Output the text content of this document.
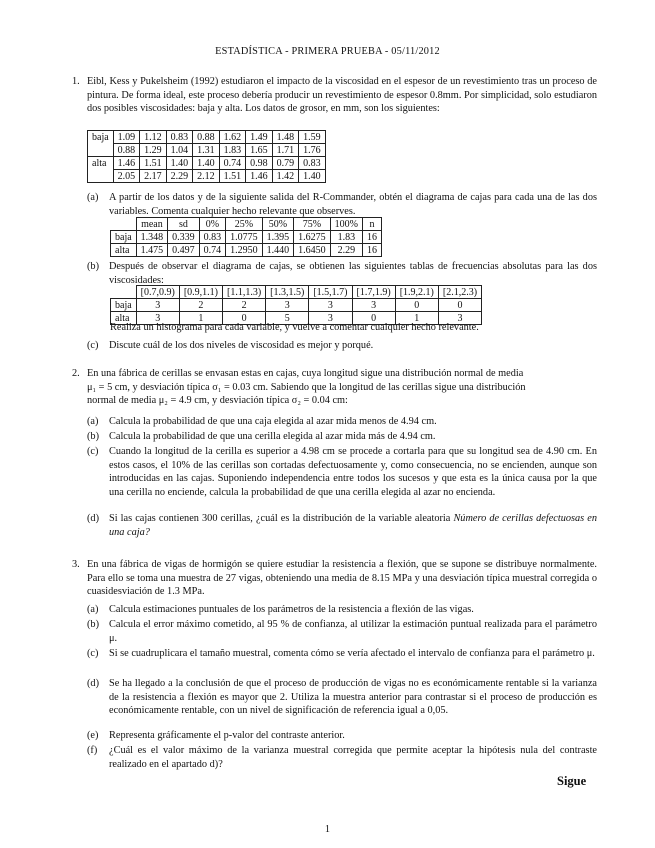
ESTADÍSTICA - PRIMERA PRUEBA - 05/11/2012
1. Eibl, Kess y Pukelsheim (1992) estudiaron el impacto de la viscosidad en el espesor de un revestimiento tras un proceso de pintura. De forma ideal, este proceso debería producir un revestimiento de espesor 0.8mm. Por simplicidad, solo estudiaron dos posibles viscosidades: baja y alta. Los datos de grosor, en mm, son los siguientes:
baja	1.09	1.12	0.83	0.88	1.62	1.49	1.48	1.59
	0.88	1.29	1.04	1.31	1.83	1.65	1.71	1.76
alta	1.46	1.51	1.40	1.40	0.74	0.98	0.79	0.83
	2.05	2.17	2.29	2.12	1.51	1.46	1.42	1.40
(a) A partir de los datos y de la siguiente salida del R-Commander, obtén el diagrama de cajas para cada una de las dos variables. Comenta cualquier hecho relevante que observes.
	mean	sd	0%	25%	50%	75%	100%	n
baja	1.348	0.339	0.83	1.0775	1.395	1.6275	1.83	16
alta	1.475	0.497	0.74	1.2950	1.440	1.6450	2.29	16
(b) Después de observar el diagrama de cajas, se obtienen las siguientes tablas de frecuencias absolutas para las dos viscosidades:
	[0.7,0.9)	[0.9,1.1)	[1.1,1.3)	[1.3,1.5)	[1.5,1.7)	[1.7,1.9)	[1.9,2.1)	[2.1,2.3)
baja	3	2	2	3	3	3	0	0
alta	3	1	0	5	3	0	1	3
Realiza un histograma para cada variable, y vuelve a comentar cualquier hecho relevante.
(c) Discute cuál de los dos niveles de viscosidad es mejor y porqué.
2. En una fábrica de cerillas se envasan estas en cajas, cuya longitud sigue una distribución normal de media
μ₁ = 5 cm, y desviación típica σ₁ = 0.03 cm. Sabiendo que la longitud de las cerillas sigue una distribución
normal de media μ₂ = 4.9 cm, y desviación típica σ₂ = 0.04 cm:
(a) Calcula la probabilidad de que una caja elegida al azar mida menos de 4.94 cm.
(b) Calcula la probabilidad de que una cerilla elegida al azar mida más de 4.94 cm.
(c) Cuando la longitud de la cerilla es superior a 4.98 cm se procede a cortarla para que su longitud sea de 4.90 cm. En estos casos, el 10% de las cerillas son cortadas defectuosamente y, como consecuencia, no se encienden, aunque son introducidas en las cajas. Suponiendo independencia entre todos los sucesos y que esta es la única causa por la que una cerilla no enciende, calcula la probabilidad de que una cerilla elegida al azar no encienda.
(d) Si las cajas contienen 300 cerillas, ¿cuál es la distribución de la variable aleatoria Número de cerillas defectuosas en una caja?
3. En una fábrica de vigas de hormigón se quiere estudiar la resistencia a flexión, que se supone se distribuye normalmente. Para ello se toma una muestra de 27 vigas, obteniendo una media de 8.15 MPa y una desviación típica muestral corregida o cuasidesviación de 1.3 MPa.
(a) Calcula estimaciones puntuales de los parámetros de la resistencia a flexión de las vigas.
(b) Calcula el error máximo cometido, al 95 % de confianza, al utilizar la estimación puntual realizada para el parámetro μ.
(c) Si se cuadruplicara el tamaño muestral, comenta cómo se vería afectado el intervalo de confianza para el parámetro μ.
(d) Se ha llegado a la conclusión de que el proceso de producción de vigas no es económicamente rentable si la varianza de la resistencia a flexión es mayor que 2. Utiliza la muestra anterior para contrastar si el proceso de producción es económicamente rentable, con un nivel de significación de referencia igual a 0,05.
(e) Representa gráficamente el p-valor del contraste anterior.
(f) ¿Cuál es el valor máximo de la varianza muestral corregida que permite aceptar la hipótesis nula del contraste realizado en el apartado d)?
Sigue
1
